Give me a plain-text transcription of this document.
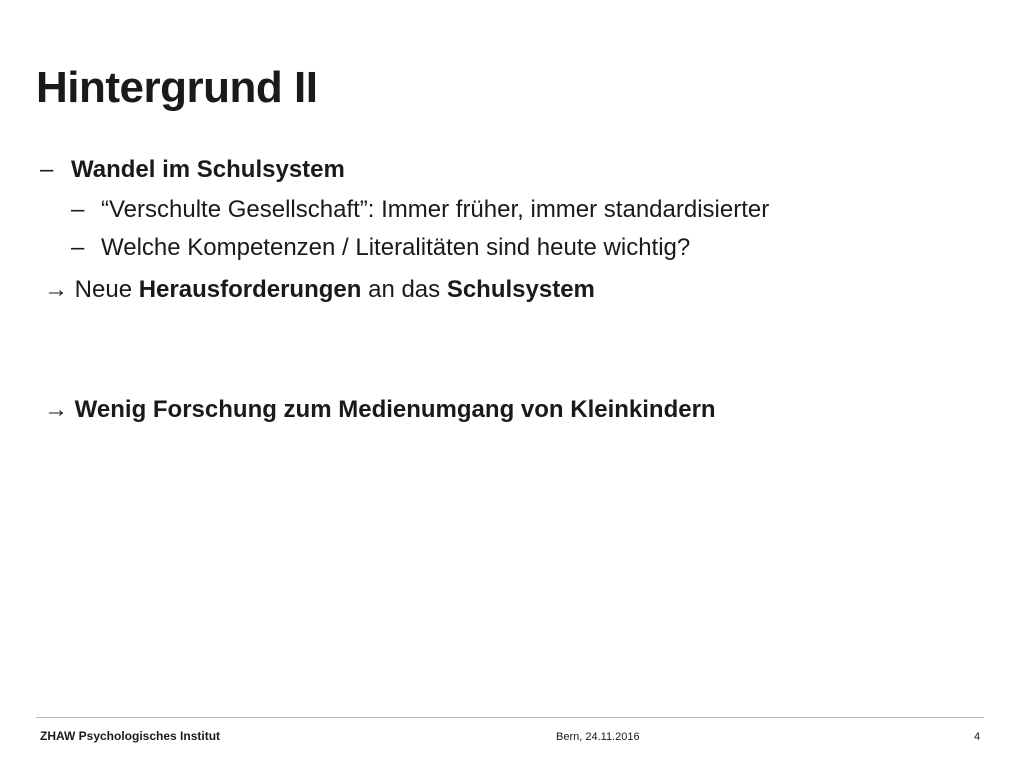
Hintergrund II
– Wandel im Schulsystem
– “Verschulte Gesellschaft”: Immer früher, immer standardisierter
– Welche Kompetenzen / Literalitäten sind heute wichtig?
→ Neue Herausforderungen an das Schulsystem
→ Wenig Forschung zum Medienumgang von Kleinkindern
ZHAW Psychologisches Institut	Bern, 24.11.2016	4
